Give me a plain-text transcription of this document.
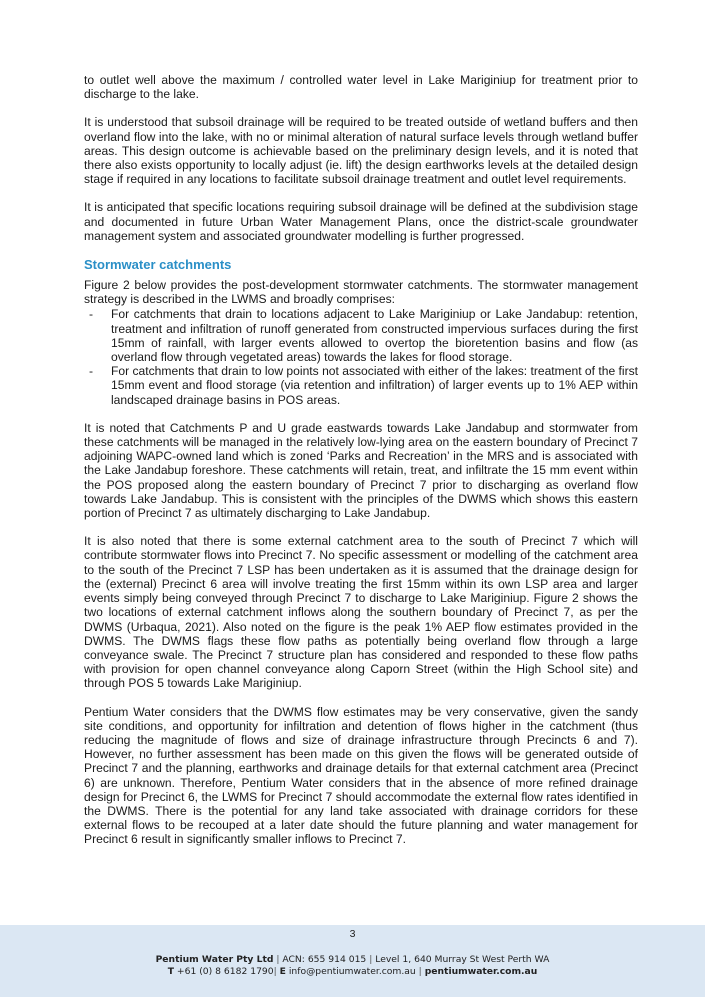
to outlet well above the maximum / controlled water level in Lake Mariginiup for treatment prior to discharge to the lake.

It is understood that subsoil drainage will be required to be treated outside of wetland buffers and then overland flow into the lake, with no or minimal alteration of natural surface levels through wetland buffer areas. This design outcome is achievable based on the preliminary design levels, and it is noted that there also exists opportunity to locally adjust (ie. lift) the design earthworks levels at the detailed design stage if required in any locations to facilitate subsoil drainage treatment and outlet level requirements.

It is anticipated that specific locations requiring subsoil drainage will be defined at the subdivision stage and documented in future Urban Water Management Plans, once the district-scale groundwater management system and associated groundwater modelling is further progressed.

Stormwater catchments

Figure 2 below provides the post-development stormwater catchments. The stormwater management strategy is described in the LWMS and broadly comprises:

- For catchments that drain to locations adjacent to Lake Mariginiup or Lake Jandabup: retention, treatment and infiltration of runoff generated from constructed impervious surfaces during the first 15mm of rainfall, with larger events allowed to overtop the bioretention basins and flow (as overland flow through vegetated areas) towards the lakes for flood storage.
- For catchments that drain to low points not associated with either of the lakes: treatment of the first 15mm event and flood storage (via retention and infiltration) of larger events up to 1% AEP within landscaped drainage basins in POS areas.

It is noted that Catchments P and U grade eastwards towards Lake Jandabup and stormwater from these catchments will be managed in the relatively low-lying area on the eastern boundary of Precinct 7 adjoining WAPC-owned land which is zoned ‘Parks and Recreation’ in the MRS and is associated with the Lake Jandabup foreshore. These catchments will retain, treat, and infiltrate the 15 mm event within the POS proposed along the eastern boundary of Precinct 7 prior to discharging as overland flow towards Lake Jandabup. This is consistent with the principles of the DWMS which shows this eastern portion of Precinct 7 as ultimately discharging to Lake Jandabup.

It is also noted that there is some external catchment area to the south of Precinct 7 which will contribute stormwater flows into Precinct 7. No specific assessment or modelling of the catchment area to the south of the Precinct 7 LSP has been undertaken as it is assumed that the drainage design for the (external) Precinct 6 area will involve treating the first 15mm within its own LSP area and larger events simply being conveyed through Precinct 7 to discharge to Lake Mariginiup. Figure 2 shows the two locations of external catchment inflows along the southern boundary of Precinct 7, as per the DWMS (Urbaqua, 2021). Also noted on the figure is the peak 1% AEP flow estimates provided in the DWMS. The DWMS flags these flow paths as potentially being overland flow through a large conveyance swale. The Precinct 7 structure plan has considered and responded to these flow paths with provision for open channel conveyance along Caporn Street (within the High School site) and through POS 5 towards Lake Mariginiup.

Pentium Water considers that the DWMS flow estimates may be very conservative, given the sandy site conditions, and opportunity for infiltration and detention of flows higher in the catchment (thus reducing the magnitude of flows and size of drainage infrastructure through Precincts 6 and 7). However, no further assessment has been made on this given the flows will be generated outside of Precinct 7 and the planning, earthworks and drainage details for that external catchment area (Precinct 6) are unknown. Therefore, Pentium Water considers that in the absence of more refined drainage design for Precinct 6, the LWMS for Precinct 7 should accommodate the external flow rates identified in the DWMS. There is the potential for any land take associated with drainage corridors for these external flows to be recouped at a later date should the future planning and water management for Precinct 6 result in significantly smaller inflows to Precinct 7.

3
Pentium Water Pty Ltd | ACN: 655 914 015 | Level 1, 640 Murray St West Perth WA
T +61 (0) 8 6182 1790| E info@pentiumwater.com.au | pentiumwater.com.au
